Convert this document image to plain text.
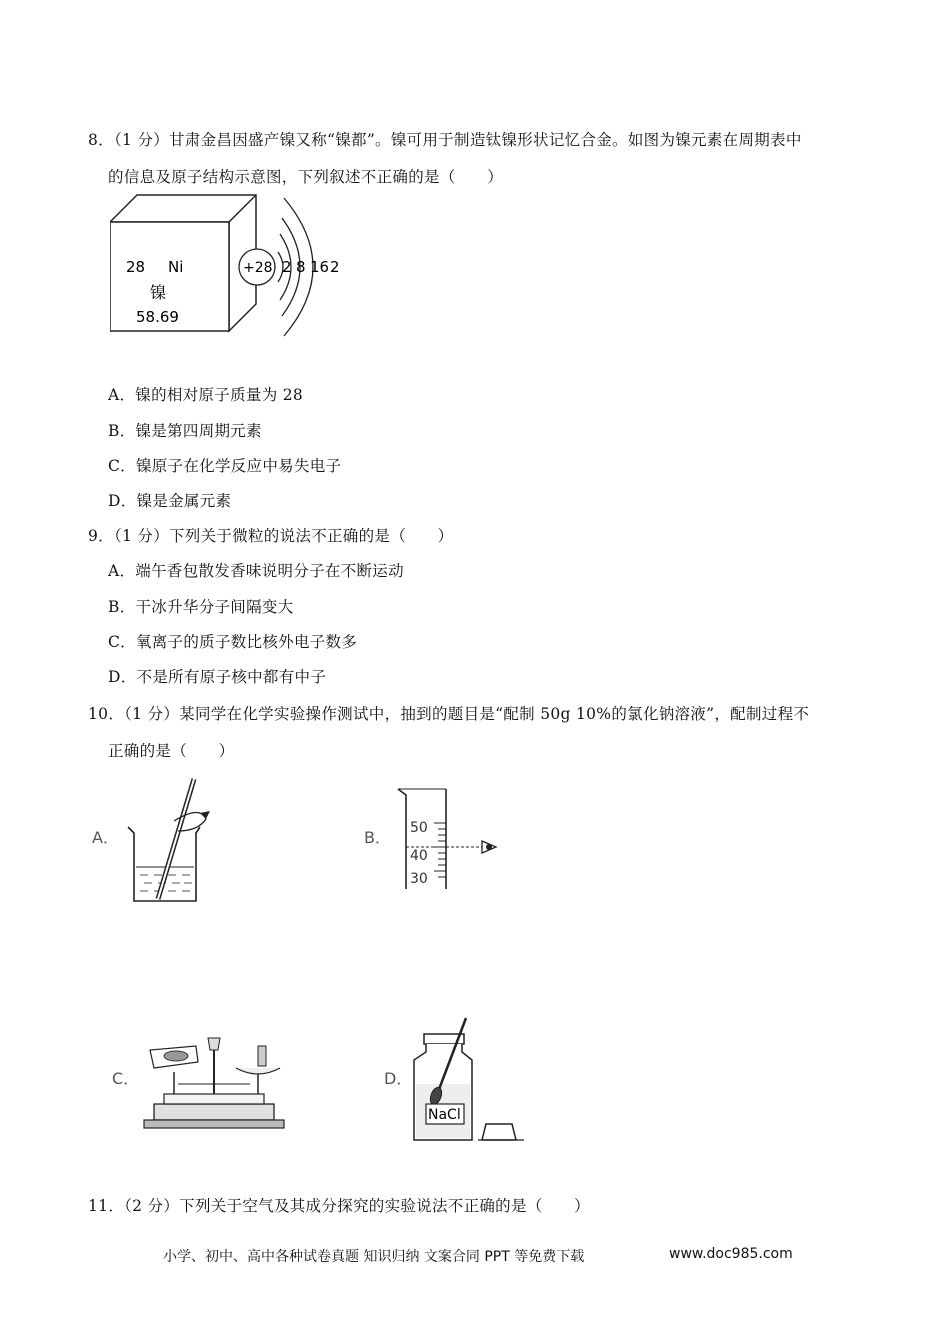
8．（1 分）甘肃金昌因盛产镍又称“镍都”。镍可用于制造钛镍形状记忆合金。如图为镍元素在周期表中
的信息及原子结构示意图，下列叙述不正确的是（　　）
28 Ni
镍
58.69
+28 2 8 16 2
A．镍的相对原子质量为 28
B．镍是第四周期元素
C．镍原子在化学反应中易失电子
D．镍是金属元素
9．（1 分）下列关于微粒的说法不正确的是（　　）
A．端午香包散发香味说明分子在不断运动
B．干冰升华分子间隔变大
C．氧离子的质子数比核外电子数多
D．不是所有原子核中都有中子
10．（1 分）某同学在化学实验操作测试中，抽到的题目是“配制 50g 10%的氯化钠溶液”，配制过程不
正确的是（　　）
A．	B． 50
40
30
C．	D．
NaCl
11．（2 分）下列关于空气及其成分探究的实验说法不正确的是（　　）
小学、初中、高中各种试卷真题 知识归纳 文案合同 PPT 等免费下载	www.doc985.com
